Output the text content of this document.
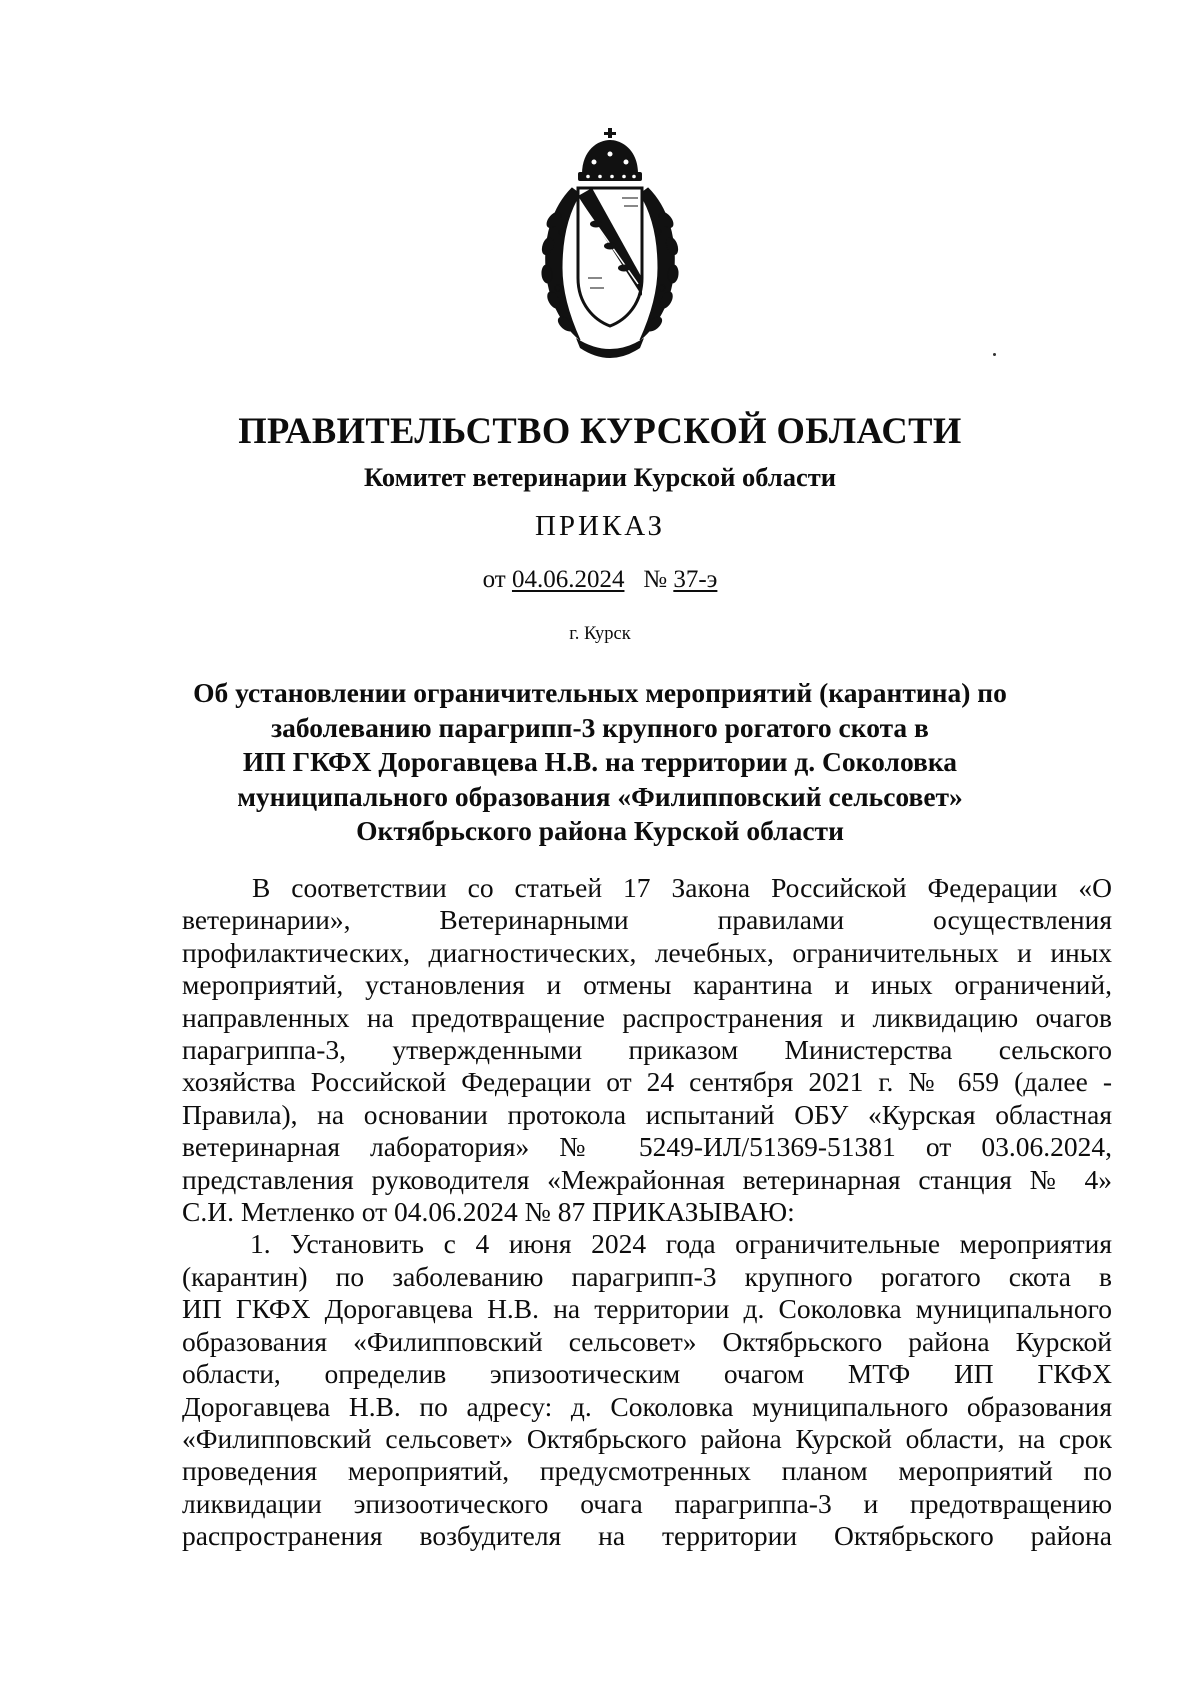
ПРАВИТЕЛЬСТВО КУРСКОЙ ОБЛАСТИ
Комитет ветеринарии Курской области
ПРИКАЗ
от 04.06.2024 № 37-э
г. Курск
Об установлении ограничительных мероприятий (карантина) по
заболеванию парагрипп-3 крупного рогатого скота в
ИП ГКФХ Дорогавцева Н.В. на территории д. Соколовка
муниципального образования «Филипповский сельсовет»
Октябрьского района Курской области
В соответствии со статьей 17 Закона Российской Федерации «О
ветеринарии», Ветеринарными правилами осуществления
профилактических, диагностических, лечебных, ограничительных и иных
мероприятий, установления и отмены карантина и иных ограничений,
направленных на предотвращение распространения и ликвидацию очагов
парагриппа-3, утвержденными приказом Министерства сельского
хозяйства Российской Федерации от 24 сентября 2021 г. № 659 (далее -
Правила), на основании протокола испытаний ОБУ «Курская областная
ветеринарная лаборатория» № 5249-ИЛ/51369-51381 от 03.06.2024,
представления руководителя «Межрайонная ветеринарная станция № 4»
С.И. Метленко от 04.06.2024 № 87 ПРИКАЗЫВАЮ:
1. Установить с 4 июня 2024 года ограничительные мероприятия
(карантин) по заболеванию парагрипп-3 крупного рогатого скота в
ИП ГКФХ Дорогавцева Н.В. на территории д. Соколовка муниципального
образования «Филипповский сельсовет» Октябрьского района Курской
области, определив эпизоотическим очагом МТФ ИП ГКФХ
Дорогавцева Н.В. по адресу: д. Соколовка муниципального образования
«Филипповский сельсовет» Октябрьского района Курской области, на срок
проведения мероприятий, предусмотренных планом мероприятий по
ликвидации эпизоотического очага парагриппа-3 и предотвращению
распространения возбудителя на территории Октябрьского района
